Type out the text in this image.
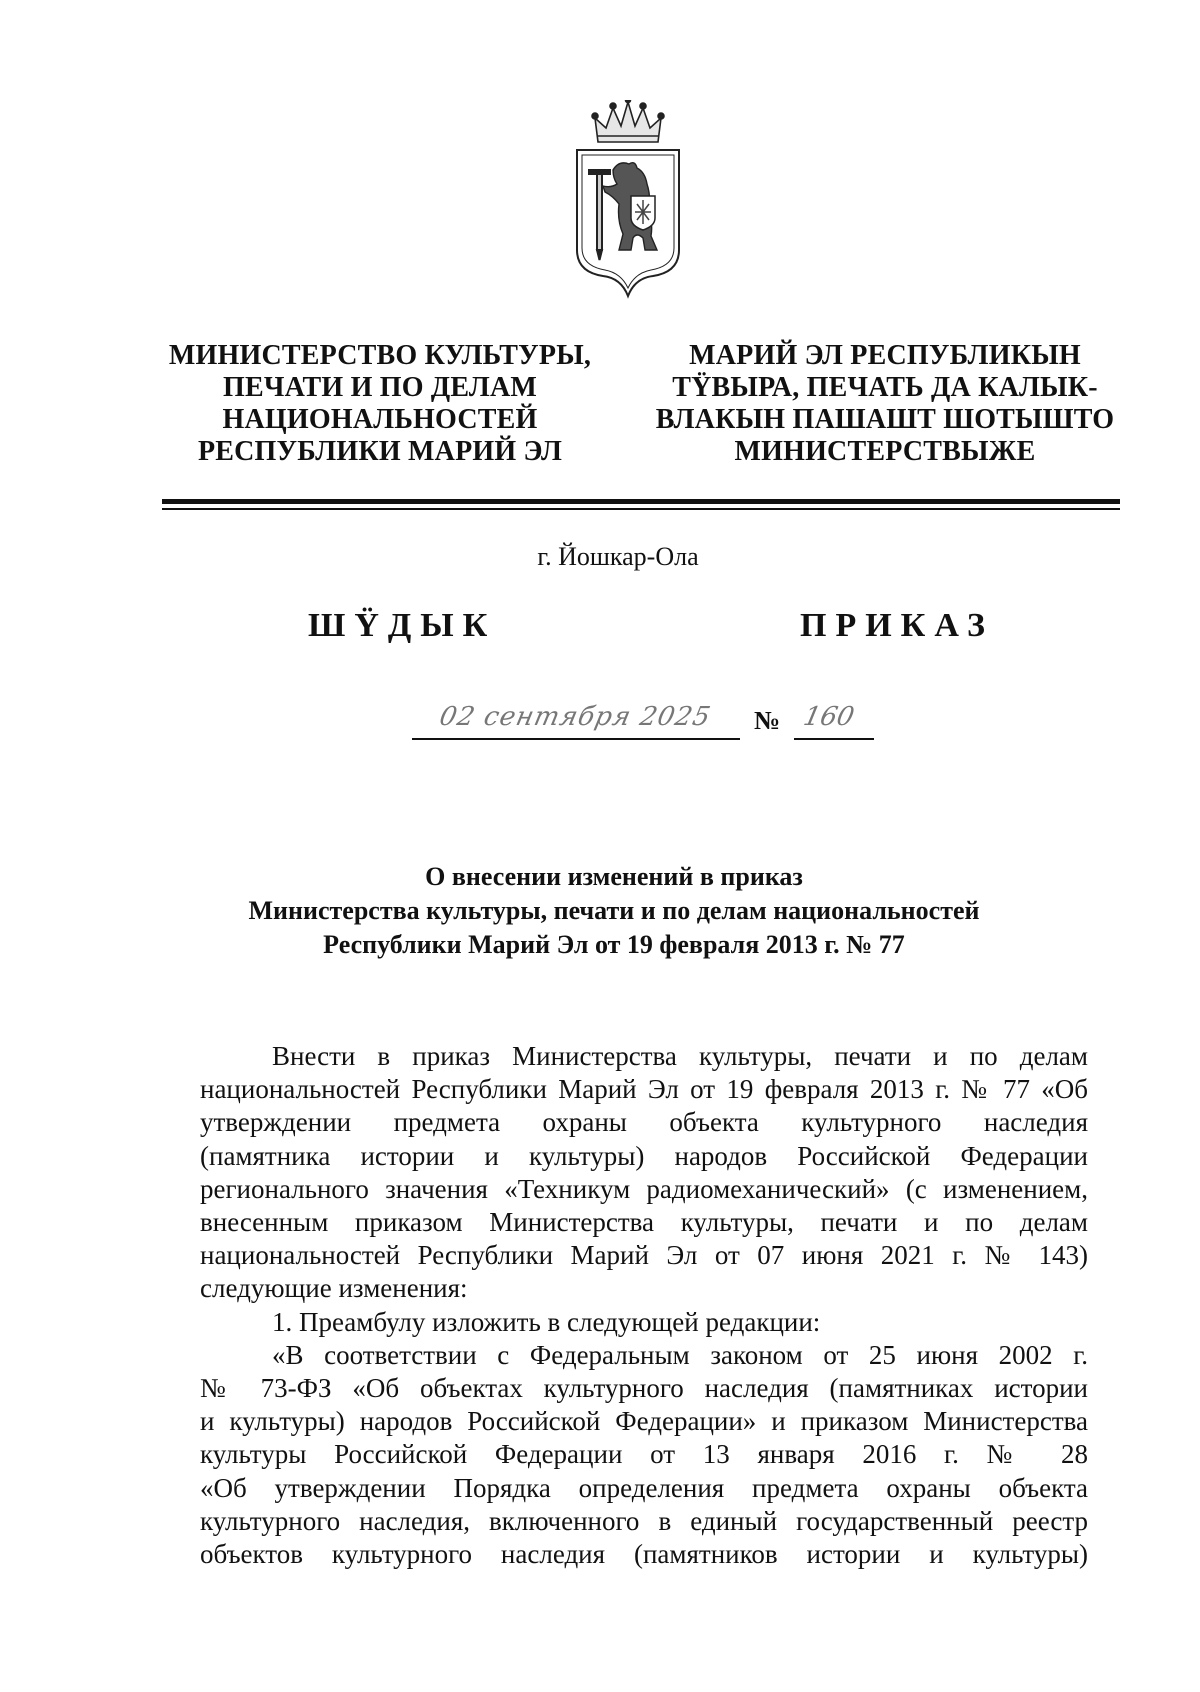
МИНИСТЕРСТВО КУЛЬТУРЫ,
ПЕЧАТИ И ПО ДЕЛАМ
НАЦИОНАЛЬНОСТЕЙ
РЕСПУБЛИКИ МАРИЙ ЭЛ
МАРИЙ ЭЛ РЕСПУБЛИКЫН
ТŸВЫРА, ПЕЧАТЬ ДА КАЛЫК-
ВЛАКЫН ПАШАШТ ШОТЫШТО
МИНИСТЕРСТВЫЖЕ
г. Йошкар-Ола
ШŸДЫК	ПРИКАЗ
02 сентября 2025 № 160
О внесении изменений в приказ
Министерства культуры, печати и по делам национальностей
Республики Марий Эл от 19 февраля 2013 г. № 77
Внести в приказ Министерства культуры, печати и по делам
национальностей Республики Марий Эл от 19 февраля 2013 г. № 77 «Об
утверждении предмета охраны объекта культурного наследия
(памятника истории и культуры) народов Российской Федерации
регионального значения «Техникум радиомеханический» (с изменением,
внесенным приказом Министерства культуры, печати и по делам
национальностей Республики Марий Эл от 07 июня 2021 г. № 143)
следующие изменения:
1. Преамбулу изложить в следующей редакции:
«В соответствии с Федеральным законом от 25 июня 2002 г.
№ 73-ФЗ «Об объектах культурного наследия (памятниках истории
и культуры) народов Российской Федерации» и приказом Министерства
культуры Российской Федерации от 13 января 2016 г. № 28
«Об утверждении Порядка определения предмета охраны объекта
культурного наследия, включенного в единый государственный реестр
объектов культурного наследия (памятников истории и культуры)
